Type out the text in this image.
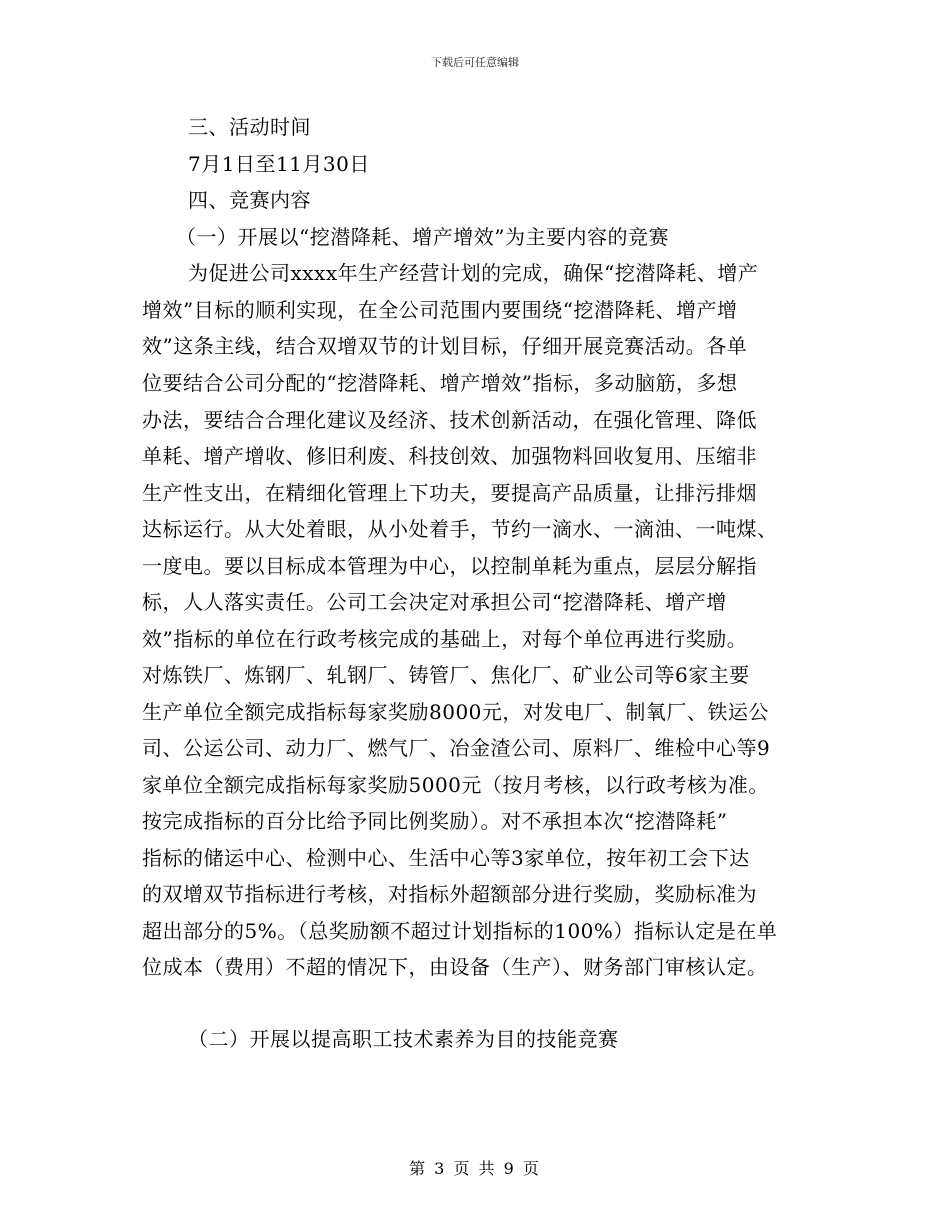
下载后可任意编辑
三、活动时间
7月1日至11月30日
四、竞赛内容
（一）开展以“挖潜降耗、增产增效”为主要内容的竞赛
为促进公司xxxx年生产经营计划的完成，确保“挖潜降耗、增产
增效”目标的顺利实现，在全公司范围内要围绕“挖潜降耗、增产增
效”这条主线，结合双增双节的计划目标，仔细开展竞赛活动。各单
位要结合公司分配的“挖潜降耗、增产增效”指标，多动脑筋，多想
办法，要结合合理化建议及经济、技术创新活动，在强化管理、降低
单耗、增产增收、修旧利废、科技创效、加强物料回收复用、压缩非
生产性支出，在精细化管理上下功夫，要提高产品质量，让排污排烟
达标运行。从大处着眼，从小处着手，节约一滴水、一滴油、一吨煤、
一度电。要以目标成本管理为中心，以控制单耗为重点，层层分解指
标，人人落实责任。公司工会决定对承担公司“挖潜降耗、增产增
效”指标的单位在行政考核完成的基础上，对每个单位再进行奖励。
对炼铁厂、炼钢厂、轧钢厂、铸管厂、焦化厂、矿业公司等6家主要
生产单位全额完成指标每家奖励8000元，对发电厂、制氧厂、铁运公
司、公运公司、动力厂、燃气厂、冶金渣公司、原料厂、维检中心等9
家单位全额完成指标每家奖励5000元（按月考核，以行政考核为准。
按完成指标的百分比给予同比例奖励）。对不承担本次“挖潜降耗”
指标的储运中心、检测中心、生活中心等3家单位，按年初工会下达
的双增双节指标进行考核，对指标外超额部分进行奖励，奖励标准为
超出部分的5%。（总奖励额不超过计划指标的100%）指标认定是在单
位成本（费用）不超的情况下，由设备（生产）、财务部门审核认定。
（二）开展以提高职工技术素养为目的技能竞赛
第 3 页 共 9 页
